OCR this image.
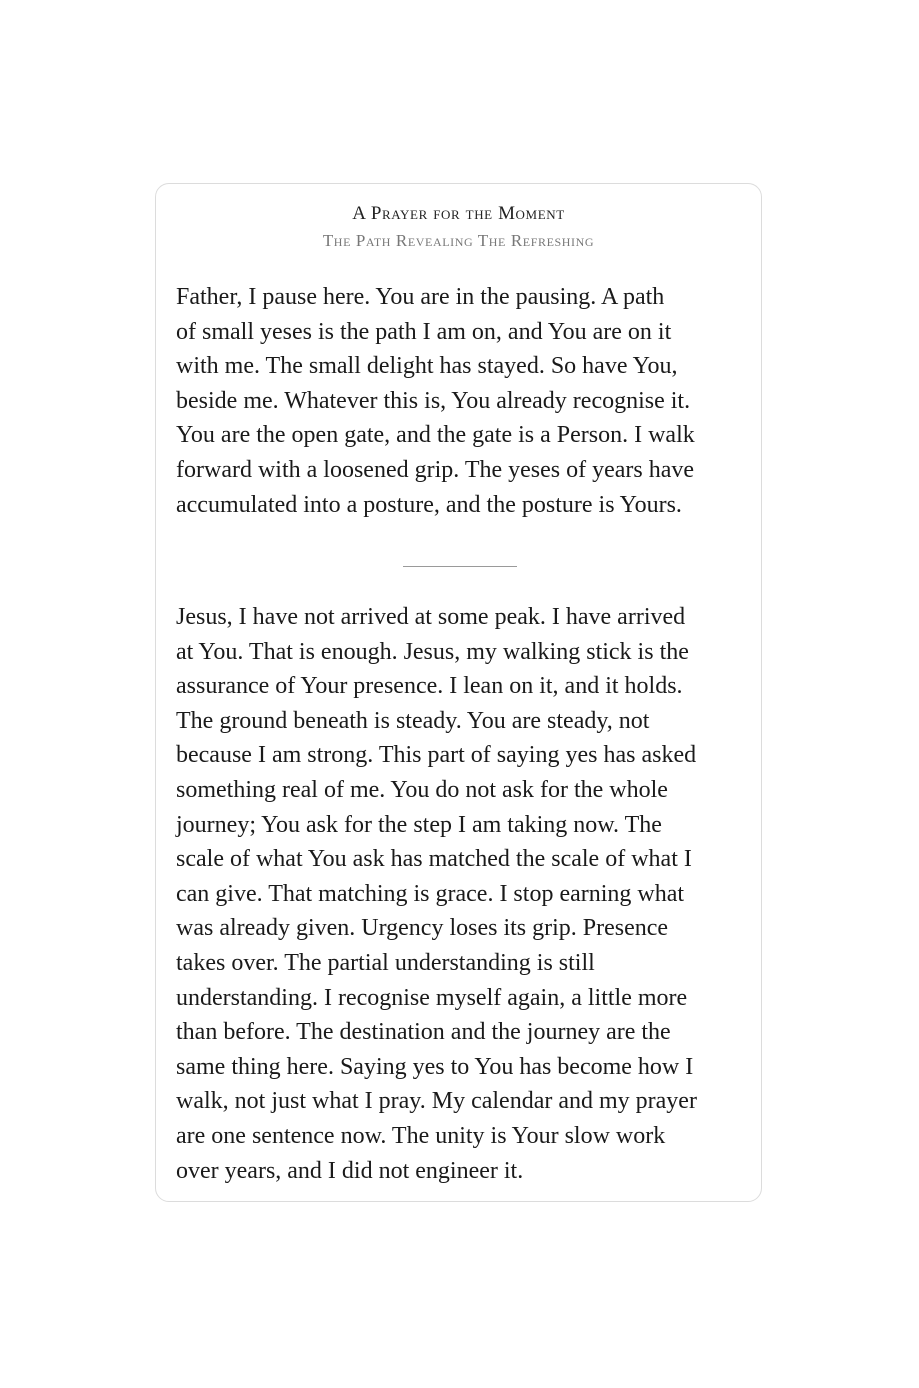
A Prayer for the Moment

The Path Revealing The Refreshing

Father, I pause here. You are in the pausing. A path
of small yeses is the path I am on, and You are on it
with me. The small delight has stayed. So have You,
beside me. Whatever this is, You already recognise it.
You are the open gate, and the gate is a Person. I walk
forward with a loosened grip. The yeses of years have
accumulated into a posture, and the posture is Yours.

Jesus, I have not arrived at some peak. I have arrived
at You. That is enough. Jesus, my walking stick is the
assurance of Your presence. I lean on it, and it holds.
The ground beneath is steady. You are steady, not
because I am strong. This part of saying yes has asked
something real of me. You do not ask for the whole
journey; You ask for the step I am taking now. The
scale of what You ask has matched the scale of what I
can give. That matching is grace. I stop earning what
was already given. Urgency loses its grip. Presence
takes over. The partial understanding is still
understanding. I recognise myself again, a little more
than before. The destination and the journey are the
same thing here. Saying yes to You has become how I
walk, not just what I pray. My calendar and my prayer
are one sentence now. The unity is Your slow work
over years, and I did not engineer it.
